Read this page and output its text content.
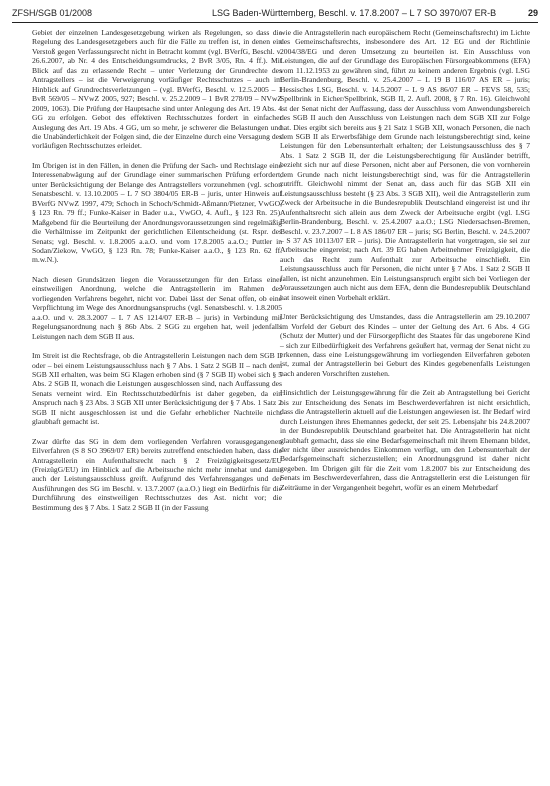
ZFSH/SGB 01/2008	LSG Baden-Württemberg, Beschl. v. 17.8.2007 – L 7 SO 3970/07 ER-B	29

Gebiet der einzelnen Landesgesetzgebung wirken als Regelungen, so dass die Regelung des Landesgesetzgebers auch für die Fälle zu treffen ist, in denen ein Verstoß gegen Verfassungsrecht nicht in Betracht kommt (vgl. BVerfG, Beschl. v. 26.6.2007, ab Nr. 4 des Entscheidungsumdrucks, 2 BvR 3/05, Rn. 4 ff.). Mit Blick auf das zu erlassende Recht – unter Verletzung der Grundrechte des Antragstellers – ist die Verweigerung vorläufiger Rechtsschutzes – auch im Hinblick auf Grundrechtsverletzungen – (vgl. BVerfG, Beschl. v. 12.5.2005 – 1 BvR 569/05 – NVwZ 2005, 927; Beschl. v. 25.2.2009 – 1 BvR 278/09 – NVwZ 2009, 1063). Die Prüfung der Hauptsache sind unter Anlegung des Art. 19 Abs. 4 GG zu erfolgen. Gebot des effektiven Rechtsschutzes fordert in einfacher Auslegung des Art. 19 Abs. 4 GG, um so mehr, je schwerer die Belastungen und die Unabänderlichkeit der Folgen sind, die der Einzelne durch eine Versagung des vorläufigen Rechtsschutzes erleidet.

Im Übrigen ist in den Fällen, in denen die Prüfung der Sach- und Rechtslage eine Interessenabwägung auf der Grundlage einer summarischen Prüfung erfordert, unter Berücksichtigung der Belange des Antragstellers vorzunehmen (vgl. schon Senatsbeschl. v. 13.10.2005 – L 7 SO 3804/05 ER-B – juris, unter Hinweis auf BVerfG NVwZ 1997, 479; Schoch in Schoch/Schmidt-Aßmann/Pietzner, VwGO, § 123 Rn. 79 ff.; Funke-Kaiser in Bader u.a., VwGO, 4. Aufl., § 123 Rn. 25). Maßgebend für die Beurteilung der Anordnungsvoraussetzungen sind regelmäßig die Verhältnisse im Zeitpunkt der gerichtlichen Eilentscheidung (st. Rspr. des Senats; vgl. Beschl. v. 1.8.2005 a.a.O. und vom 17.8.2005 a.a.O.; Puttler in Sodan/Ziekow, VwGO, § 123 Rn. 78; Funke-Kaiser a.a.O., § 123 Rn. 62 ff. m.w.N.).

Nach diesen Grundsätzen liegen die Voraussetzungen für den Erlass einer einstweiligen Anordnung, welche die Antragstellerin im Rahmen des vorliegenden Verfahrens begehrt, nicht vor. Dabei lässt der Senat offen, ob eine Verpflichtung im Wege des Anordnungsanspruchs (vgl. Senatsbeschl. v. 1.8.2005 a.a.O. und v. 28.3.2007 – L 7 AS 1214/07 ER-B – juris) in Verbindung mit Regelungsanordnung nach § 86b Abs. 2 SGG zu ergehen hat, weil jedenfalls Leistungen nach dem SGB II aus.

Im Streit ist die Rechtsfrage, ob die Antragstellerin Leistungen nach dem SGB II oder – bei einem Leistungsausschluss nach § 7 Abs. 1 Satz 2 SGB II – nach dem SGB XII erhalten, was beim SG Klagen erhoben sind (§ 7 SGB II) wobei sich § 5 Abs. 2 SGB II, wonach die Leistungen ausgeschlossen sind, nach Auffassung des Senats verneint wird. Ein Rechtsschutzbedürfnis ist daher gegeben, da ein Anspruch nach § 23 Abs. 3 SGB XII unter Berücksichtigung der § 7 Abs. 1 Satz 2 SGB II nicht ausgeschlossen ist und die Gefahr erheblicher Nachteile nicht glaubhaft gemacht ist.

Zwar dürfte das SG in dem dem vorliegenden Verfahren vorausgegangenen Eilverfahren (S 8 SO 3969/07 ER) bereits zutreffend entschieden haben, dass die Antragstellerin ein Aufenthaltsrecht nach § 2 Freizügigkeitsgesetz/EU (FreizügG/EU) im Hinblick auf die Arbeitsuche nicht mehr innehat und damit auch der Leistungsausschluss greift. Aufgrund des Verfahrensganges und der Ausführungen des SG im Beschl. v. 13.7.2007 (a.a.O.) liegt ein Bedürfnis für die Durchführung des einstweiligen Rechtsschutzes des Ast. nicht vor; die Bestimmung des § 7 Abs. 1 Satz 2 SGB II (in der Fassung

wie die Antragstellerin nach europäischem Recht (Gemeinschaftsrecht) im Lichte des Gemeinschaftsrechts, insbesondere des Art. 12 EG und der Richtlinie 2004/38/EG und deren Umsetzung zu beurteilen ist. Ein Ausschluss von Leistungen, die auf der Grundlage des Europäischen Fürsorgeabkommens (EFA) vom 11.12.1953 zu gewähren sind, führt zu keinem anderen Ergebnis (vgl. LSG Berlin-Brandenburg, Beschl. v. 25.4.2007 – L 19 B 116/07 AS ER – juris; Hessisches LSG, Beschl. v. 14.5.2007 – L 9 AS 86/07 ER – FEVS 58, 535; Spellbrink in Eicher/Spellbrink, SGB II, 2. Aufl. 2008, § 7 Rn. 16). Gleichwohl ist der Senat nicht der Auffassung, dass der Ausschluss vom Anwendungsbereich des SGB II auch den Ausschluss von Leistungen nach dem SGB XII zur Folge hat. Dies ergibt sich bereits aus § 21 Satz 1 SGB XII, wonach Personen, die nach dem SGB II als Erwerbsfähige dem Grunde nach leistungsberechtigt sind, keine Leistungen für den Lebensunterhalt erhalten; der Leistungsausschluss des § 7 Abs. 1 Satz 2 SGB II, der die Leistungsberechtigung für Ausländer betrifft, bezieht sich nur auf diese Personen, nicht aber auf Personen, die von vornherein dem Grunde nach nicht leistungsberechtigt sind, was für die Antragstellerin zutrifft. Gleichwohl nimmt der Senat an, dass auch für das SGB XII ein Leistungsausschluss besteht (§ 23 Abs. 3 SGB XII), weil die Antragstellerin zum Zweck der Arbeitsuche in die Bundesrepublik Deutschland eingereist ist und ihr Aufenthaltsrecht sich allein aus dem Zweck der Arbeitsuche ergibt (vgl. LSG Berlin-Brandenburg, Beschl. v. 25.4.2007 a.a.O.; LSG Niedersachsen-Bremen, Beschl. v. 23.7.2007 – L 8 AS 186/07 ER – juris; SG Berlin, Beschl. v. 24.5.2007 – S 37 AS 10113/07 ER – juris). Die Antragstellerin hat vorgetragen, sie sei zur Arbeitsuche eingereist; nach Art. 39 EG haben Arbeitnehmer Freizügigkeit, die auch das Recht zum Aufenthalt zur Arbeitsuche einschließt. Ein Leistungsausschluss auch für Personen, die nicht unter § 7 Abs. 1 Satz 2 SGB II fallen, ist nicht anzunehmen. Ein Leistungsanspruch ergibt sich bei Vorliegen der Voraussetzungen auch nicht aus dem EFA, denn die Bundesrepublik Deutschland hat insoweit einen Vorbehalt erklärt.

Unter Berücksichtigung des Umstandes, dass die Antragstellerin am 29.10.2007 im Vorfeld der Geburt des Kindes – unter der Geltung des Art. 6 Abs. 4 GG (Schutz der Mutter) und der Fürsorgepflicht des Staates für das ungeborene Kind – sich zur Eilbedürftigkeit des Verfahrens geäußert hat, vermag der Senat nicht zu erkennen, dass eine Leistungsgewährung im vorliegenden Eilverfahren geboten ist, zumal der Antragstellerin bei Geburt des Kindes gegebenenfalls Leistungen nach anderen Vorschriften zustehen.

Hinsichtlich der Leistungsgewährung für die Zeit ab Antragstellung bei Gericht bis zur Entscheidung des Senats im Beschwerdeverfahren ist nicht ersichtlich, dass die Antragstellerin aktuell auf die Leistungen angewiesen ist. Ihr Bedarf wird durch Leistungen ihres Ehemannes gedeckt, der seit 25. Lebensjahr bis 24.8.2007 in der Bundesrepublik Deutschland gearbeitet hat. Die Antragstellerin hat nicht glaubhaft gemacht, dass sie eine Bedarfsgemeinschaft mit ihrem Ehemann bildet, der nicht über ausreichendes Einkommen verfügt, um den Lebensunterhalt der Bedarfsgemeinschaft sicherzustellen; ein Anordnungsgrund ist daher nicht gegeben. Im Übrigen gilt für die Zeit vom 1.8.2007 bis zur Entscheidung des Senats im Beschwerdeverfahren, dass die Antragstellerin erst die Leistungen für Zeiträume in der Vergangenheit begehrt, wofür es an einem Mehrbedarf
